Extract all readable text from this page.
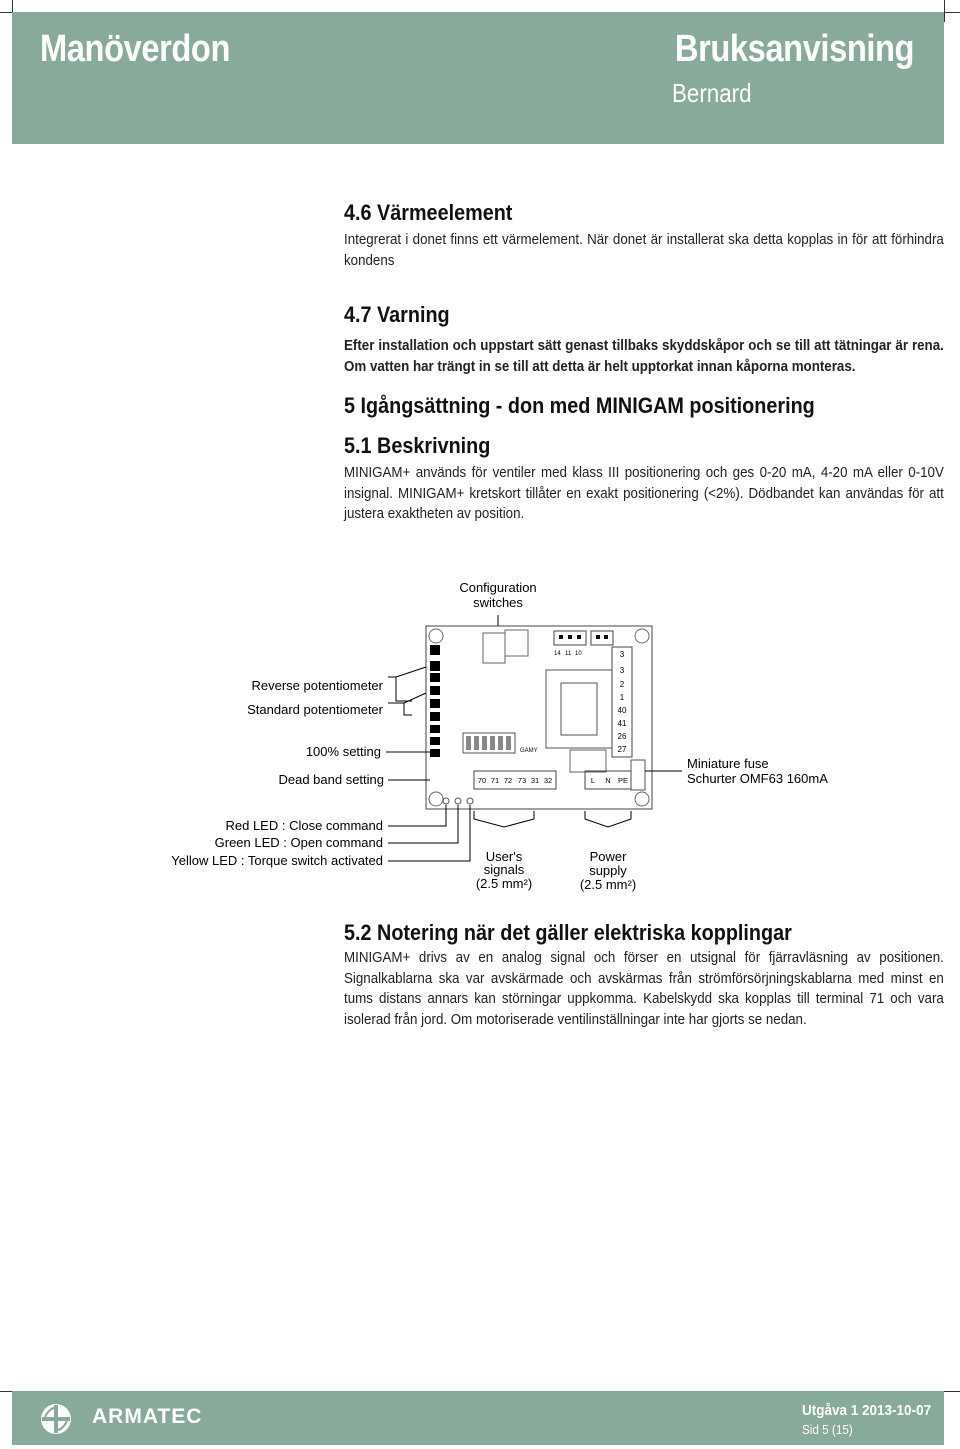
Manöverdon	Bruksanvisning
Bernard
4.6 Värmeelement
Integrerat i donet finns ett värmelement. När donet är installerat ska detta kopplas in för att förhindra kondens
4.7 Varning
Efter installation och uppstart sätt genast tillbaks skyddskåpor och se till att tätningar är rena. Om vatten har trängt in se till att detta är helt upptorkat innan kåporna monteras.
5 Igångsättning - don med MINIGAM positionering
5.1 Beskrivning
MINIGAM+ används för ventiler med klass III positionering och ges 0-20 mA, 4-20 mA eller 0-10V insignal. MINIGAM+ kretskort tillåter en exakt positionering (<2%). Dödbandet kan användas för att justera exaktheten av position.
Configuration
switches
14 11 10
GAMY
3
3
2
1
40
41
26
27
70 71 72 73 31 32	L N PE
Reverse potentiometer
Standard potentiometer
100% setting
Dead band setting
Red LED : Close command
Green LED : Open command
Yellow LED : Torque switch activated	User's
signals
(2.5 mm²)
Power
supply
(2.5 mm²)
Miniature fuse
Schurter OMF63 160mA
5.2 Notering när det gäller elektriska kopplingar
MINIGAM+ drivs av en analog signal och förser en utsignal för fjärravläsning av positionen. Signalkablarna ska var avskärmade och avskärmas från strömförsörjningskablarna med minst en tums distans annars kan störningar uppkomma. Kabelskydd ska kopplas till terminal 71 och vara isolerad från jord. Om motoriserade ventilinställningar inte har gjorts se nedan.
ARMATEC	Utgåva 1 2013-10-07
Sid 5 (15)
